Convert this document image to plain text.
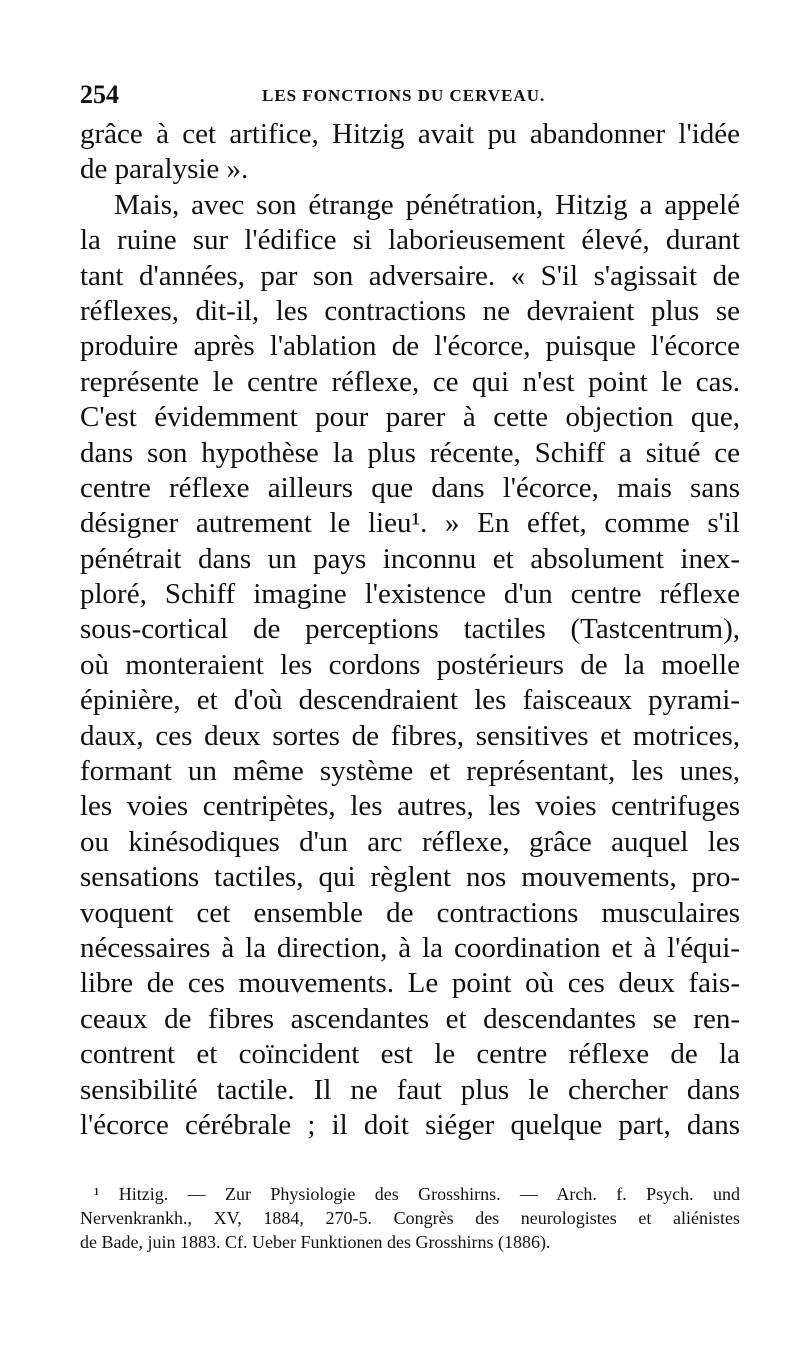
254	LES FONCTIONS DU CERVEAU.
grâce à cet artifice, Hitzig avait pu abandonner l'idée
de paralysie ».
Mais, avec son étrange pénétration, Hitzig a appelé
la ruine sur l'édifice si laborieusement élevé, durant
tant d'années, par son adversaire. « S'il s'agissait de
réflexes, dit-il, les contractions ne devraient plus se
produire après l'ablation de l'écorce, puisque l'écorce
représente le centre réflexe, ce qui n'est point le cas.
C'est évidemment pour parer à cette objection que,
dans son hypothèse la plus récente, Schiff a situé ce
centre réflexe ailleurs que dans l'écorce, mais sans
désigner autrement le lieu¹. » En effet, comme s'il
pénétrait dans un pays inconnu et absolument inex-
ploré, Schiff imagine l'existence d'un centre réflexe
sous-cortical de perceptions tactiles (Tastcentrum),
où monteraient les cordons postérieurs de la moelle
épinière, et d'où descendraient les faisceaux pyrami-
daux, ces deux sortes de fibres, sensitives et motrices,
formant un même système et représentant, les unes,
les voies centripètes, les autres, les voies centrifuges
ou kinésodiques d'un arc réflexe, grâce auquel les
sensations tactiles, qui règlent nos mouvements, pro-
voquent cet ensemble de contractions musculaires
nécessaires à la direction, à la coordination et à l'équi-
libre de ces mouvements. Le point où ces deux fais-
ceaux de fibres ascendantes et descendantes se ren-
contrent et coïncident est le centre réflexe de la
sensibilité tactile. Il ne faut plus le chercher dans
l'écorce cérébrale ; il doit siéger quelque part, dans
¹ Hitzig. — Zur Physiologie des Grosshirns. — Arch. f. Psych. und
Nervenkrankh., XV, 1884, 270-5. Congrès des neurologistes et aliénistes
de Bade, juin 1883. Cf. Ueber Funktionen des Grosshirns (1886).
